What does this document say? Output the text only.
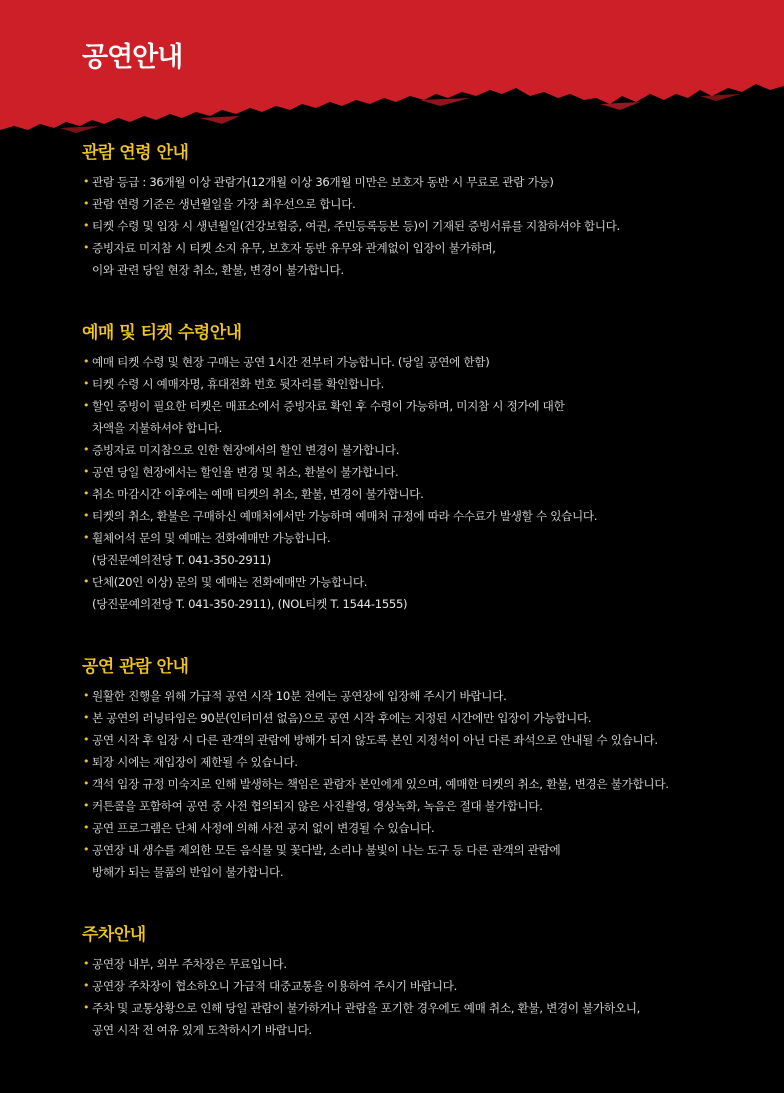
공연안내
관람 연령 안내
• 관람 등급 : 36개월 이상 관람가(12개월 이상 36개월 미만은 보호자 동반 시 무료로 관람 가능)
• 관람 연령 기준은 생년월일을 가장 최우선으로 합니다.
• 티켓 수령 및 입장 시 생년월일(건강보험증, 여권, 주민등록등본 등)이 기재된 증빙서류를 지참하셔야 합니다.
• 증빙자료 미지참 시 티켓 소지 유무, 보호자 동반 유무와 관계없이 입장이 불가하며,
이와 관련 당일 현장 취소, 환불, 변경이 불가합니다.
예매 및 티켓 수령안내
• 예매 티켓 수령 및 현장 구매는 공연 1시간 전부터 가능합니다. (당일 공연에 한함)
• 티켓 수령 시 예매자명, 휴대전화 번호 뒷자리를 확인합니다.
• 할인 증빙이 필요한 티켓은 매표소에서 증빙자료 확인 후 수령이 가능하며, 미지참 시 정가에 대한
차액을 지불하셔야 합니다.
• 증빙자료 미지참으로 인한 현장에서의 할인 변경이 불가합니다.
• 공연 당일 현장에서는 할인율 변경 및 취소, 환불이 불가합니다.
• 취소 마감시간 이후에는 예매 티켓의 취소, 환불, 변경이 불가합니다.
• 티켓의 취소, 환불은 구매하신 예매처에서만 가능하며 예매처 규정에 따라 수수료가 발생할 수 있습니다.
• 휠체어석 문의 및 예매는 전화예매만 가능합니다.
(당진문예의전당 T. 041-350-2911)
• 단체(20인 이상) 문의 및 예매는 전화예매만 가능합니다.
(당진문예의전당 T. 041-350-2911), (NOL티켓 T. 1544-1555)
공연 관람 안내
• 원활한 진행을 위해 가급적 공연 시작 10분 전에는 공연장에 입장해 주시기 바랍니다.
• 본 공연의 러닝타임은 90분(인터미션 없음)으로 공연 시작 후에는 지정된 시간에만 입장이 가능합니다.
• 공연 시작 후 입장 시 다른 관객의 관람에 방해가 되지 않도록 본인 지정석이 아닌 다른 좌석으로 안내될 수 있습니다.
• 퇴장 시에는 재입장이 제한될 수 있습니다.
• 객석 입장 규정 미숙지로 인해 발생하는 책임은 관람자 본인에게 있으며, 예매한 티켓의 취소, 환불, 변경은 불가합니다.
• 커튼콜을 포함하여 공연 중 사전 협의되지 않은 사진촬영, 영상녹화, 녹음은 절대 불가합니다.
• 공연 프로그램은 단체 사정에 의해 사전 공지 없이 변경될 수 있습니다.
• 공연장 내 생수를 제외한 모든 음식물 및 꽃다발, 소리나 불빛이 나는 도구 등 다른 관객의 관람에
방해가 되는 물품의 반입이 불가합니다.
주차안내
• 공연장 내부, 외부 주차장은 무료입니다.
• 공연장 주차장이 협소하오니 가급적 대중교통을 이용하여 주시기 바랍니다.
• 주차 및 교통상황으로 인해 당일 관람이 불가하거나 관람을 포기한 경우에도 예매 취소, 환불, 변경이 불가하오니,
공연 시작 전 여유 있게 도착하시기 바랍니다.
